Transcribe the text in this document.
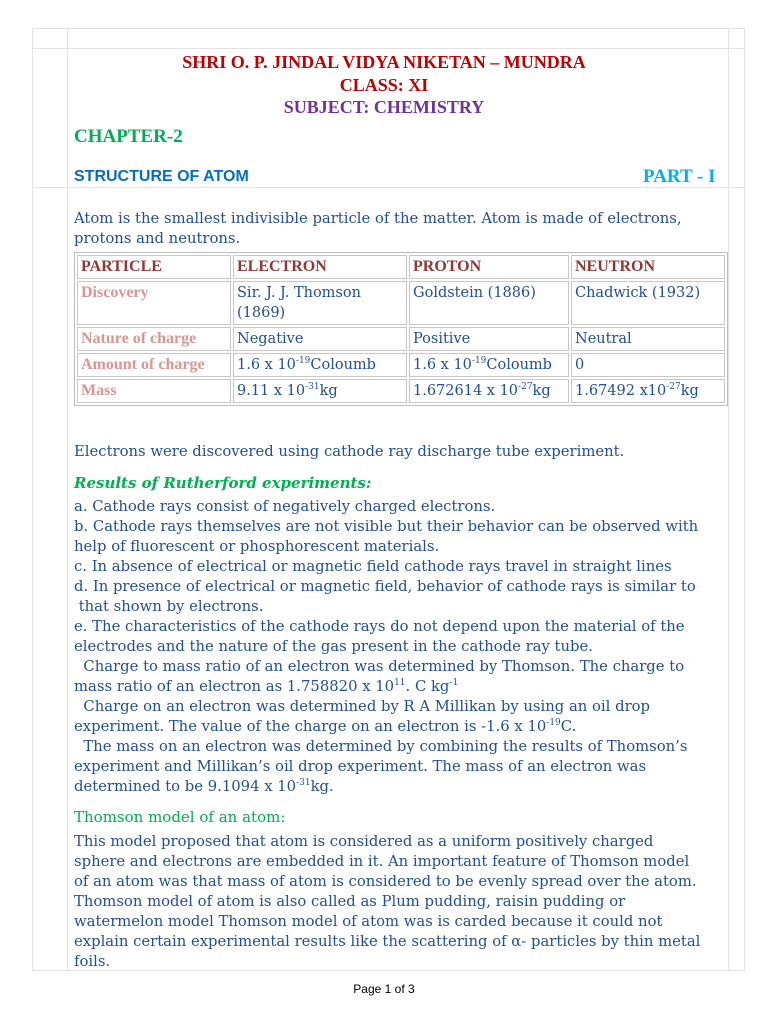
SHRI O. P. JINDAL VIDYA NIKETAN – MUNDRA
CLASS: XI
SUBJECT: CHEMISTRY
CHAPTER-2
STRUCTURE OF ATOM	PART - I

Atom is the smallest indivisible particle of the matter. Atom is made of electrons,

protons and neutrons.

PARTICLE	ELECTRON	PROTON	NEUTRON
Discovery	Sir. J. J. Thomson (1869)	Goldstein (1886)	Chadwick (1932)
Nature of charge	Negative	Positive	Neutral
Amount of charge	1.6 x $10^{-19}Coloumb$	1.6 x $10^{-19}Coloumb$	0
Mass	9.11 x $10^{-31}kg$	1.672614 x $10^{-27}kg$	1.67492 $x10^{-27}kg$

Electrons were discovered using cathode ray discharge tube experiment.

Results of Rutherford experiments:

a. Cathode rays consist of negatively charged electrons.

b. Cathode rays themselves are not visible but their behavior can be observed with

help of fluorescent or phosphorescent materials.

c. In absence of electrical or magnetic field cathode rays travel in straight lines

d. In presence of electrical or magnetic field, behavior of cathode rays is similar to

that shown by electrons.

e. The characteristics of the cathode rays do not depend upon the material of the

electrodes and the nature of the gas present in the cathode ray tube.

Charge to mass ratio of an electron was determined by Thomson. The charge to

mass ratio of an electron as 1.758820 x $10^{11}$. C $kg^{-1}$

Charge on an electron was determined by R A Millikan by using an oil drop

experiment. The value of the charge on an electron is -1.6 x $10^{-19}C$.

The mass on an electron was determined by combining the results of Thomson’s

experiment and Millikan’s oil drop experiment. The mass of an electron was

determined to be 9.1094 x $10^{-31}kg$.

Thomson model of an atom:

This model proposed that atom is considered as a uniform positively charged

sphere and electrons are embedded in it. An important feature of Thomson model

of an atom was that mass of atom is considered to be evenly spread over the atom.

Thomson model of atom is also called as Plum pudding, raisin pudding or

watermelon model Thomson model of atom was is carded because it could not

explain certain experimental results like the scattering of α- particles by thin metal

foils.

Page 1 of 3
